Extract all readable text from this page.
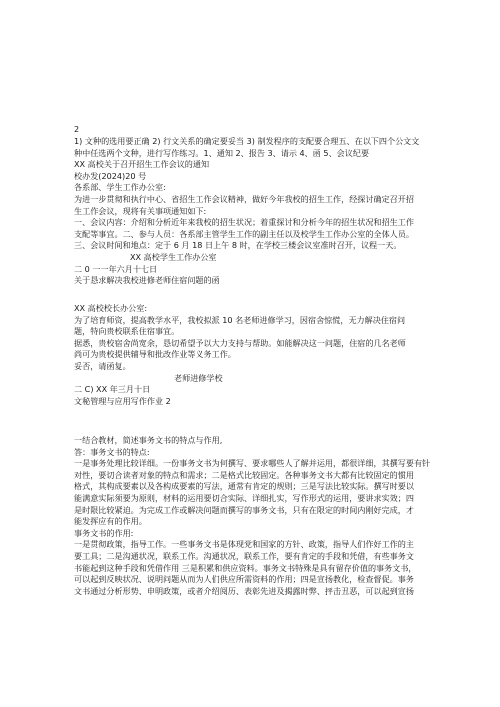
2
1) 文种的选用要正确 2) 行文关系的确定要妥当 3) 制发程序的支配要合理五、在以下四个公文文
种中任选两个文种，进行写作练习。1、通知 2、报告 3、请示 4、函 5、会议纪要
XX 高校关于召开招生工作会议的通知
校办发(2024)20 号
各系部、学生工作办公室:
为进一步贯彻和执行中心、省招生工作会议精神，做好今年我校的招生工作，经探讨确定召开招
生工作会议，现将有关事项通知如下:
一、会议内容：介绍和分析近年来我校的招生状况；着重探讨和分析今年的招生状况和招生工作
支配等事宜。二、参与人员：各系部主管学生工作的副主任以及校学生工作办公室的全体人员。
三、会议时间和地点：定于 6 月 18 日上午 8 时，在学校三楼会议室准时召开，议程一天。
XX 高校学生工作办公室
二 0 一一年六月十七日
关于恳求解决我校进修老师住宿问题的函
XX 高校校长办公室:
为了培育师资，提高教学水平，我校拟派 10 名老师进修学习，因宿舍惊慌，无力解决住宿问
题，特向贵校联系住宿事宜。
据悉，贵校宿舍尚宽余，恳切希望予以大力支持与帮助。如能解决这一问题，住宿的几名老师
尚可为贵校提供辅导和批改作业等义务工作。
妥否，请函复。
老师进修学校
二 C) XX 年三月十日
文秘管理与应用写作作业 2
一结合教材，简述事务文书的特点与作用,
答：事务文书的特点:
一是事务处理比较详细。一份事务文书为何撰写、要求哪些人了解并运用，都很详细，其撰写要有针
对性，要切合读者对象的特点和需求；二是格式比较固定。各种事务文书大都有比较固定的惯用
格式，其构成要素以及各构成要素的写法，通常有肯定的规则；三是写法比较实际。撰写时要以
能满意实际须要为原则，材料的运用要切合实际、详细扎实，写作形式的运用，要讲求实效；四
是时限比较紧迫。为完成工作或解决问题而撰写的事务文书，只有在限定的时间内刚好完成，才
能发挥应有的作用。
事务文书的作用:
一是贯彻政策，指导工作。一些事务文书是体现党和国家的方针、政策，指导人们作好工作的主
要工具；二是沟通状况，联系工作。沟通状况，联系工作，要有肯定的手段和凭借，有些事务文
书能起到这种手段和凭借作用 三是积累和供应资料。事务文书特殊是具有留存价值的事务文书，
可以起到反映状况、说明问题从而为人们供应所需资料的作用；四是宣扬教化，检查督促。事务
文书通过分析形势、申明政策，或者介绍阅历、表彰先进及揭露时弊、抨击丑恶，可以起到宣扬
